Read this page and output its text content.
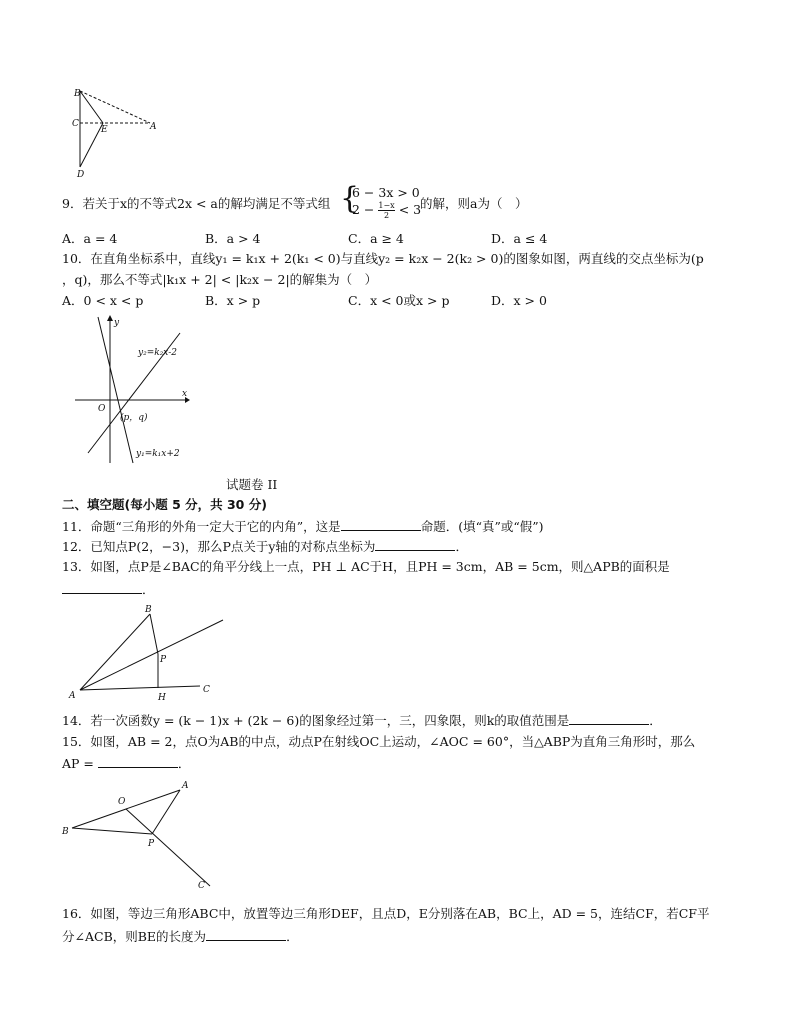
B
C
E	A
D
9．若关于x的不等式2x < a的解均满足不等式组 {
6 − 3x > 0
$2 - \frac{1-x}{2} < 3$
的解，则a为（　）
A．a = 4	B．a > 4	C．a ≥ 4	D．a ≤ 4
10．在直角坐标系中，直线y₁ = k₁x + 2(k₁ < 0)与直线y₂ = k₂x − 2(k₂ > 0)的图象如图，两直线的交点坐标为(p
，q)，那么不等式|k₁x + 2| < |k₂x − 2|的解集为（　）
A．0 < x < p	B．x > p	C．x < 0或x > p	D．x > 0
y
x
O
(p，q)
y₂=k₂x-2
y₁=k₁x+2
试题卷 II
二、填空题(每小题 5 分，共 30 分)
11．命题“三角形的外角一定大于它的内角”，这是	命题．(填“真”或“假”)
12．已知点P(2，−3)，那么P点关于y轴的对称点坐标为	．
13．如图，点P是∠BAC的角平分线上一点，PH ⊥ AC于H，且PH = 3cm，AB = 5cm，则△APB的面积是
．
B
P
A	H
C
14．若一次函数y = (k − 1)x + (2k − 6)的图象经过第一，三，四象限，则k的取值范围是	．
15．如图，AB = 2，点O为AB的中点，动点P在射线OC上运动，∠AOC = 60°，当△ABP为直角三角形时，那么
AP =	．
O
A
B
P
C
16．如图，等边三角形ABC中，放置等边三角形DEF，且点D，E分别落在AB，BC上，AD = 5，连结CF，若CF平
分∠ACB，则BE的长度为	．
